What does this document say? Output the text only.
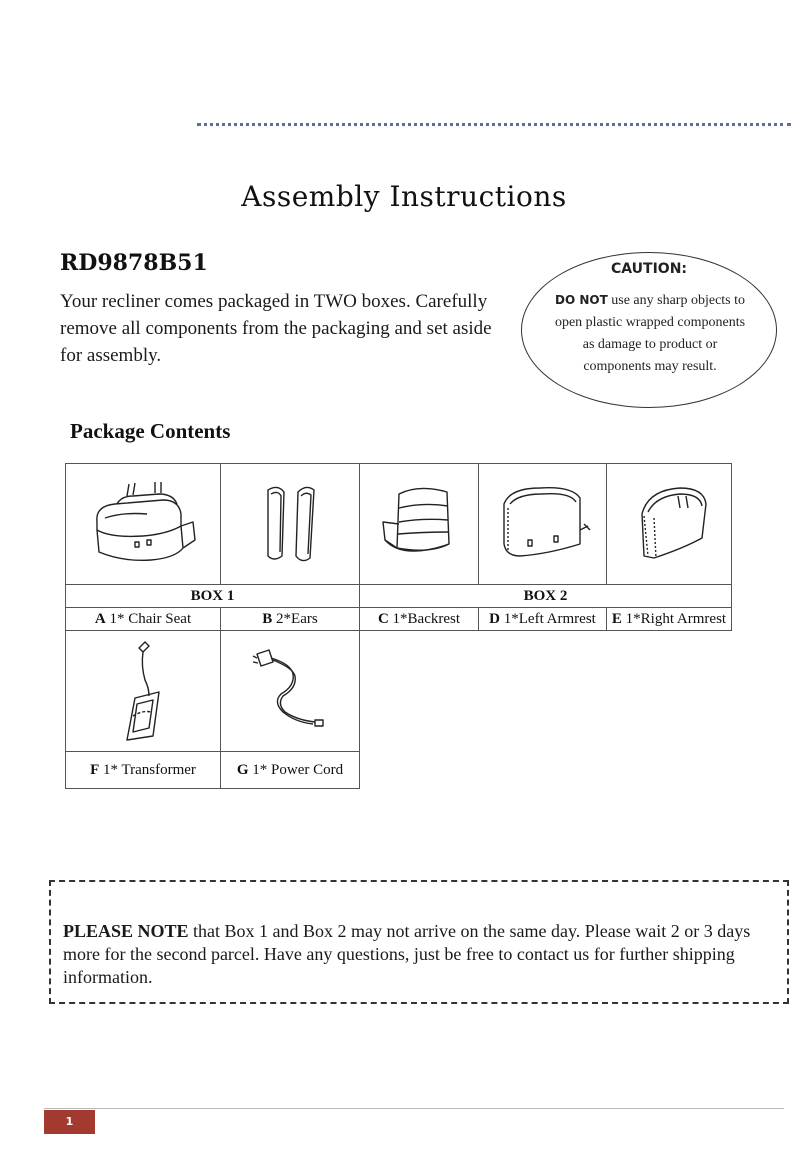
Assembly Instructions
RD9878B51
Your recliner comes packaged in TWO boxes. Carefully remove all components from the packaging and set aside for assembly.
CAUTION:
DO NOT use any sharp objects to open plastic wrapped components as damage to product or components may result.
Package Contents

BOX 1		BOX 2		
A 1* Chair Seat	B 2*Ears	C 1*Backrest	D 1*Left Armrest	E 1*Right Armrest

F 1* Transformer	G 1* Power Cord			
PLEASE NOTE that Box 1 and Box 2 may not arrive on the same day. Please wait 2 or 3 days more for the second parcel. Have any questions, just be free to contact us for further shipping information.
1
